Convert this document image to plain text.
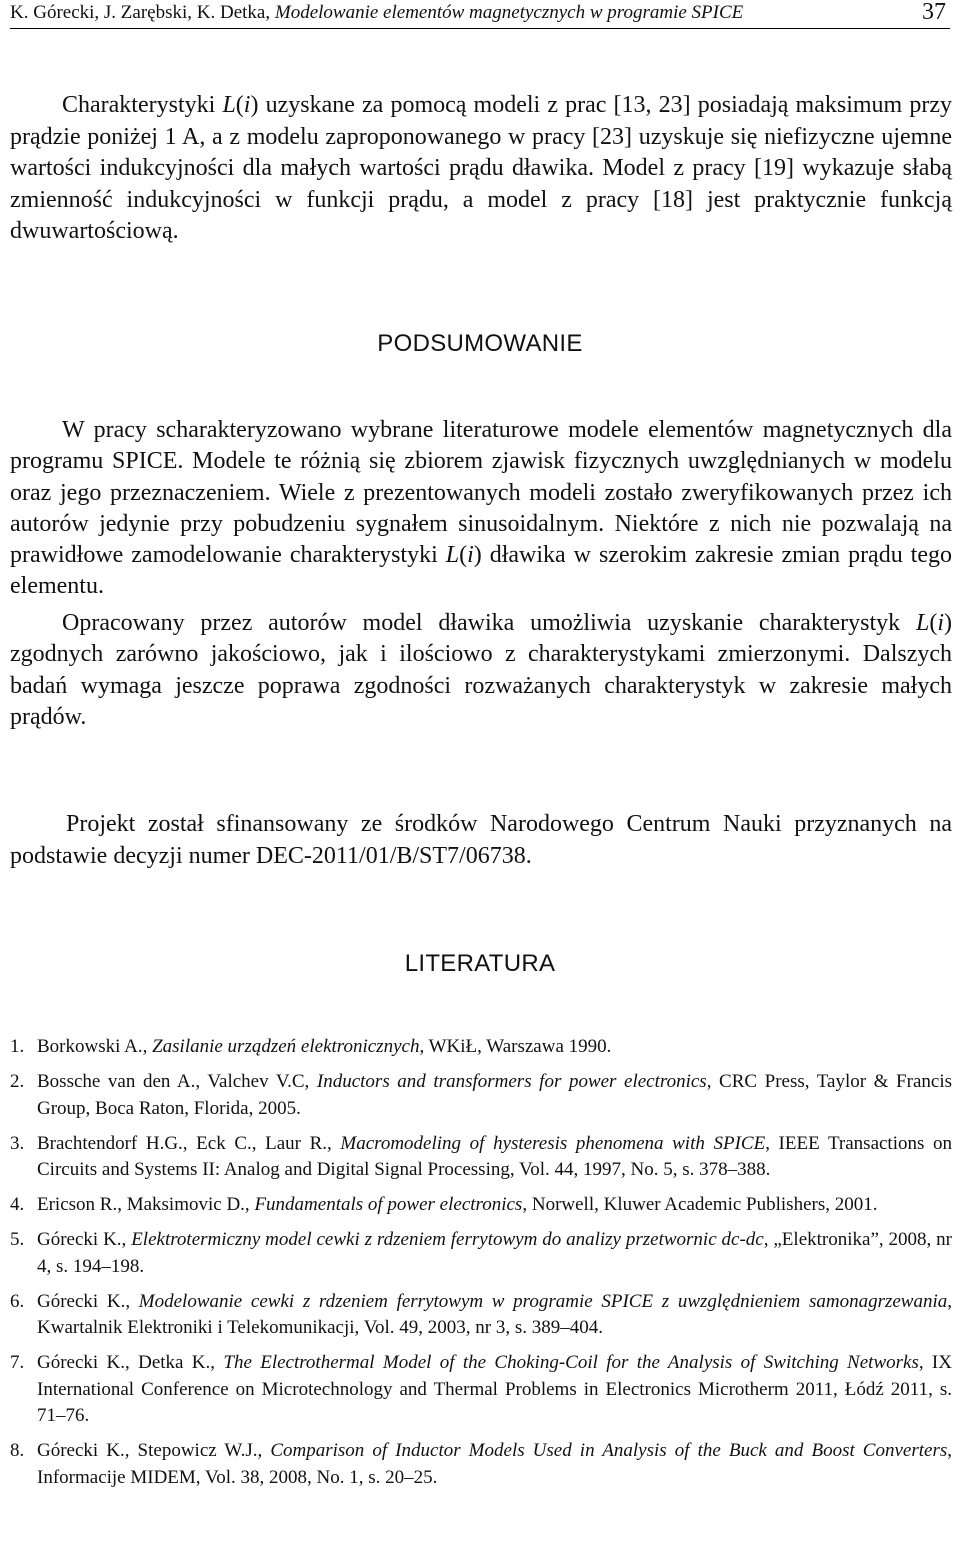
K. Górecki, J. Zarębski, K. Detka, Modelowanie elementów magnetycznych w programie SPICE	37
Charakterystyki L(i) uzyskane za pomocą modeli z prac [13, 23] posiadają maksimum przy prądzie poniżej 1 A, a z modelu zaproponowanego w pracy [23] uzyskuje się niefizyczne ujemne wartości indukcyjności dla małych wartości prądu dławika. Model z pracy [19] wykazuje słabą zmienność indukcyjności w funkcji prądu, a model z pracy [18] jest praktycznie funkcją dwuwartościową.
PODSUMOWANIE
W pracy scharakteryzowano wybrane literaturowe modele elementów magnetycznych dla programu SPICE. Modele te różnią się zbiorem zjawisk fizycznych uwzględnianych w modelu oraz jego przeznaczeniem. Wiele z prezentowanych modeli zostało zweryfikowanych przez ich autorów jedynie przy pobudzeniu sygnałem sinusoidalnym. Niektóre z nich nie pozwalają na prawidłowe zamodelowanie charakterystyki L(i) dławika w szerokim zakresie zmian prądu tego elementu.
Opracowany przez autorów model dławika umożliwia uzyskanie charakterystyk L(i) zgodnych zarówno jakościowo, jak i ilościowo z charakterystykami zmierzonymi. Dalszych badań wymaga jeszcze poprawa zgodności rozważanych charakterystyk w zakresie małych prądów.
Projekt został sfinansowany ze środków Narodowego Centrum Nauki przyznanych na podstawie decyzji numer DEC-2011/01/B/ST7/06738.
LITERATURA
1. Borkowski A., Zasilanie urządzeń elektronicznych, WKiŁ, Warszawa 1990.
2. Bossche van den A., Valchev V.C, Inductors and transformers for power electronics, CRC Press, Taylor & Francis Group, Boca Raton, Florida, 2005.
3. Brachtendorf H.G., Eck C., Laur R., Macromodeling of hysteresis phenomena with SPICE, IEEE Transactions on Circuits and Systems II: Analog and Digital Signal Processing, Vol. 44, 1997, No. 5, s. 378–388.
4. Ericson R., Maksimovic D., Fundamentals of power electronics, Norwell, Kluwer Academic Publishers, 2001.
5. Górecki K., Elektrotermiczny model cewki z rdzeniem ferrytowym do analizy przetwornic dc-dc, „Elektronika”, 2008, nr 4, s. 194–198.
6. Górecki K., Modelowanie cewki z rdzeniem ferrytowym w programie SPICE z uwzględnieniem samonagrzewania, Kwartalnik Elektroniki i Telekomunikacji, Vol. 49, 2003, nr 3, s. 389–404.
7. Górecki K., Detka K., The Electrothermal Model of the Choking-Coil for the Analysis of Switching Networks, IX International Conference on Microtechnology and Thermal Problems in Electronics Microtherm 2011, Łódź 2011, s. 71–76.
8. Górecki K., Stepowicz W.J., Comparison of Inductor Models Used in Analysis of the Buck and Boost Converters, Informacije MIDEM, Vol. 38, 2008, No. 1, s. 20–25.
